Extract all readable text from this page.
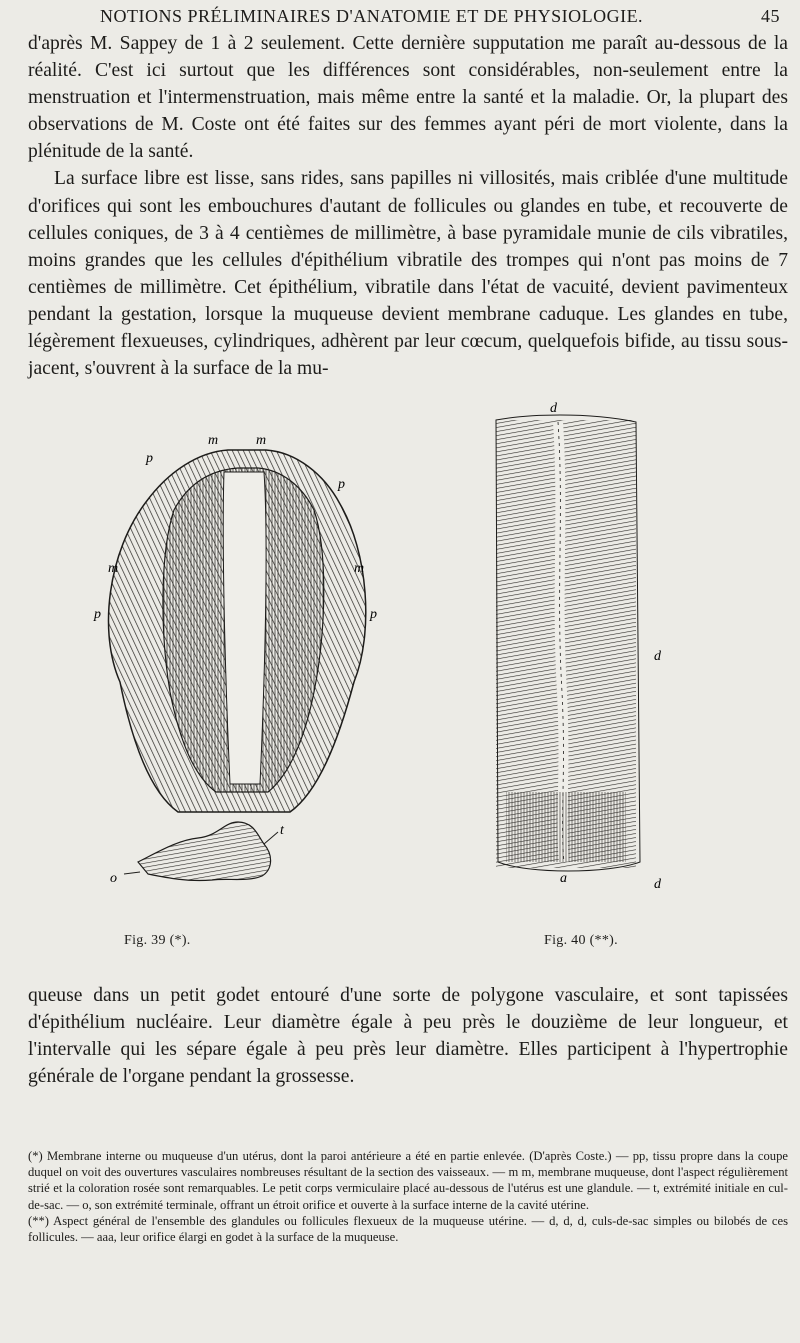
NOTIONS PRÉLIMINAIRES D'ANATOMIE ET DE PHYSIOLOGIE.	45

d'après M. Sappey de 1 à 2 seulement. Cette dernière supputation me paraît au-dessous de la réalité. C'est ici surtout que les différences sont considérables, non-seulement entre la menstruation et l'intermenstruation, mais même entre la santé et la maladie. Or, la plupart des observations de M. Coste ont été faites sur des femmes ayant péri de mort violente, dans la plénitude de la santé.

La surface libre est lisse, sans rides, sans papilles ni villosités, mais criblée d'une multitude d'orifices qui sont les embouchures d'autant de follicules ou glandes en tube, et recouverte de cellules coniques, de 3 à 4 centièmes de millimètre, à base pyramidale munie de cils vibratiles, moins grandes que les cellules d'épithélium vibratile des trompes qui n'ont pas moins de 7 centièmes de millimètre. Cet épithélium, vibratile dans l'état de vacuité, devient pavimenteux pendant la gestation, lorsque la muqueuse devient membrane caduque. Les glandes en tube, légèrement flexueuses, cylindriques, adhèrent par leur cœcum, quelquefois bifide, au tissu sous-jacent, s'ouvrent à la surface de la mu-

m	m
p
p
m	m
p	p
t
o
d
d
a	d
Fig. 39 (*).	Fig. 40 (**).

queuse dans un petit godet entouré d'une sorte de polygone vasculaire, et sont tapissées d'épithélium nucléaire. Leur diamètre égale à peu près le douzième de leur longueur, et l'intervalle qui les sépare égale à peu près leur diamètre. Elles participent à l'hypertrophie générale de l'organe pendant la grossesse.

(*) Membrane interne ou muqueuse d'un utérus, dont la paroi antérieure a été en partie enlevée. (D'après Coste.) — pp, tissu propre dans la coupe duquel on voit des ouvertures vasculaires nombreuses résultant de la section des vaisseaux. — m m, membrane muqueuse, dont l'aspect régulièrement strié et la coloration rosée sont remarquables. Le petit corps vermiculaire placé au-dessous de l'utérus est une glandule. — t, extrémité initiale en cul-de-sac. — o, son extrémité terminale, offrant un étroit orifice et ouverte à la surface interne de la cavité utérine.

(**) Aspect général de l'ensemble des glandules ou follicules flexueux de la muqueuse utérine. — d, d, d, culs-de-sac simples ou bilobés de ces follicules. — aaa, leur orifice élargi en godet à la surface de la muqueuse.
